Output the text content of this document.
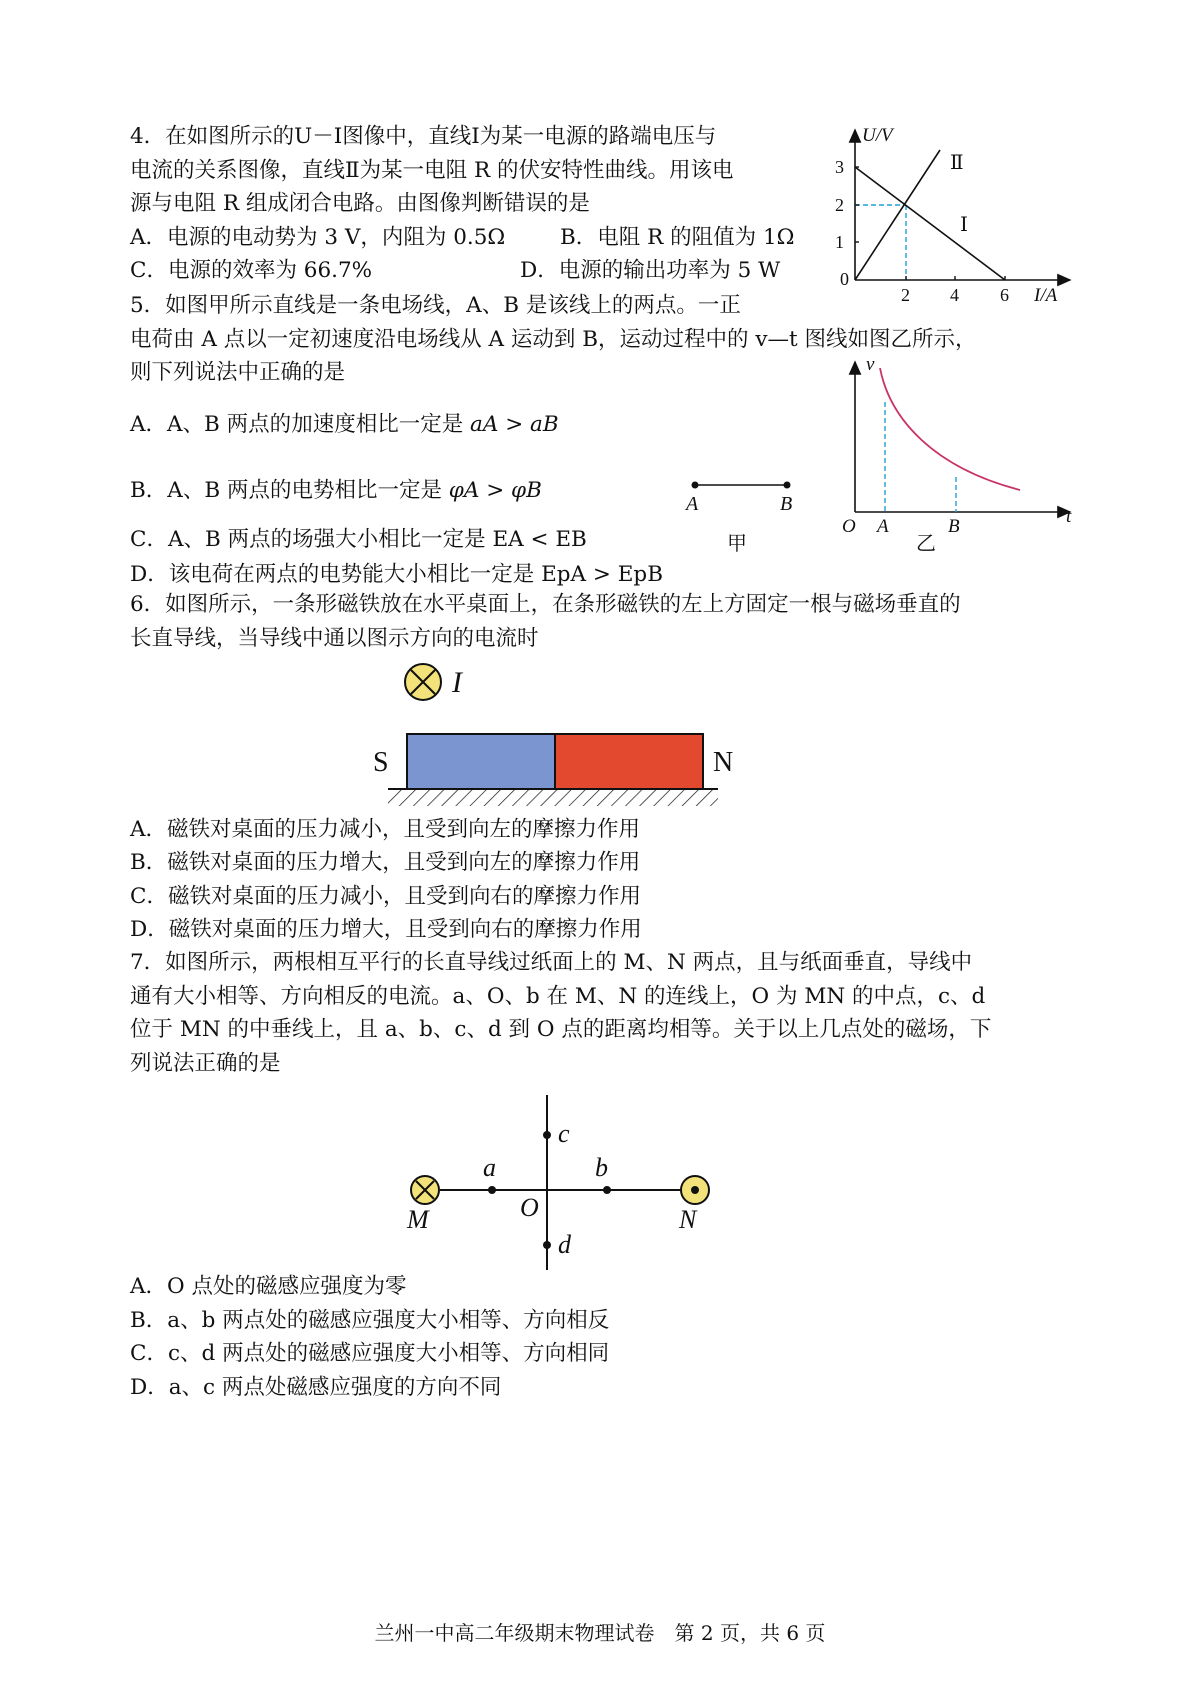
4．在如图所示的U－I图像中，直线Ⅰ为某一电源的路端电压与
电流的关系图像，直线Ⅱ为某一电阻 R 的伏安特性曲线。用该电
源与电阻 R 组成闭合电路。由图像判断错误的是
A．电源的电动势为 3 V，内阻为 0.5Ω	B．电阻 R 的阻值为 1Ω
C．电源的效率为 66.7%	D．电源的输出功率为 5 W
U/V
3
2
1
0
2 4 6 I/A
Ⅱ
Ⅰ
5．如图甲所示直线是一条电场线，A、B 是该线上的两点。一正
电荷由 A 点以一定初速度沿电场线从 A 运动到 B，运动过程中的 v—t 图线如图乙所示，
则下列说法中正确的是
A．A、B 两点的加速度相比一定是 aA > aB
B．A、B 两点的电势相比一定是 φA > φB
C．A、B 两点的场强大小相比一定是 EA < EB
D．该电荷在两点的电势能大小相比一定是 EpA > EpB
A	B
甲
v
t
O A	B
乙
6．如图所示，一条形磁铁放在水平桌面上，在条形磁铁的左上方固定一根与磁场垂直的
长直导线，当导线中通以图示方向的电流时
I
S	N
A．磁铁对桌面的压力减小，且受到向左的摩擦力作用
B．磁铁对桌面的压力增大，且受到向左的摩擦力作用
C．磁铁对桌面的压力减小，且受到向右的摩擦力作用
D．磁铁对桌面的压力增大，且受到向右的摩擦力作用
7．如图所示，两根相互平行的长直导线过纸面上的 M、N 两点，且与纸面垂直，导线中
通有大小相等、方向相反的电流。a、O、b 在 M、N 的连线上，O 为 MN 的中点，c、d
位于 MN 的中垂线上，且 a、b、c、d 到 O 点的距离均相等。关于以上几点处的磁场，下
列说法正确的是
M	N
O
a	b
c
d
A．O 点处的磁感应强度为零
B．a、b 两点处的磁感应强度大小相等、方向相反
C．c、d 两点处的磁感应强度大小相等、方向相同
D．a、c 两点处磁感应强度的方向不同
兰州一中高二年级期末物理试卷　第 2 页，共 6 页
